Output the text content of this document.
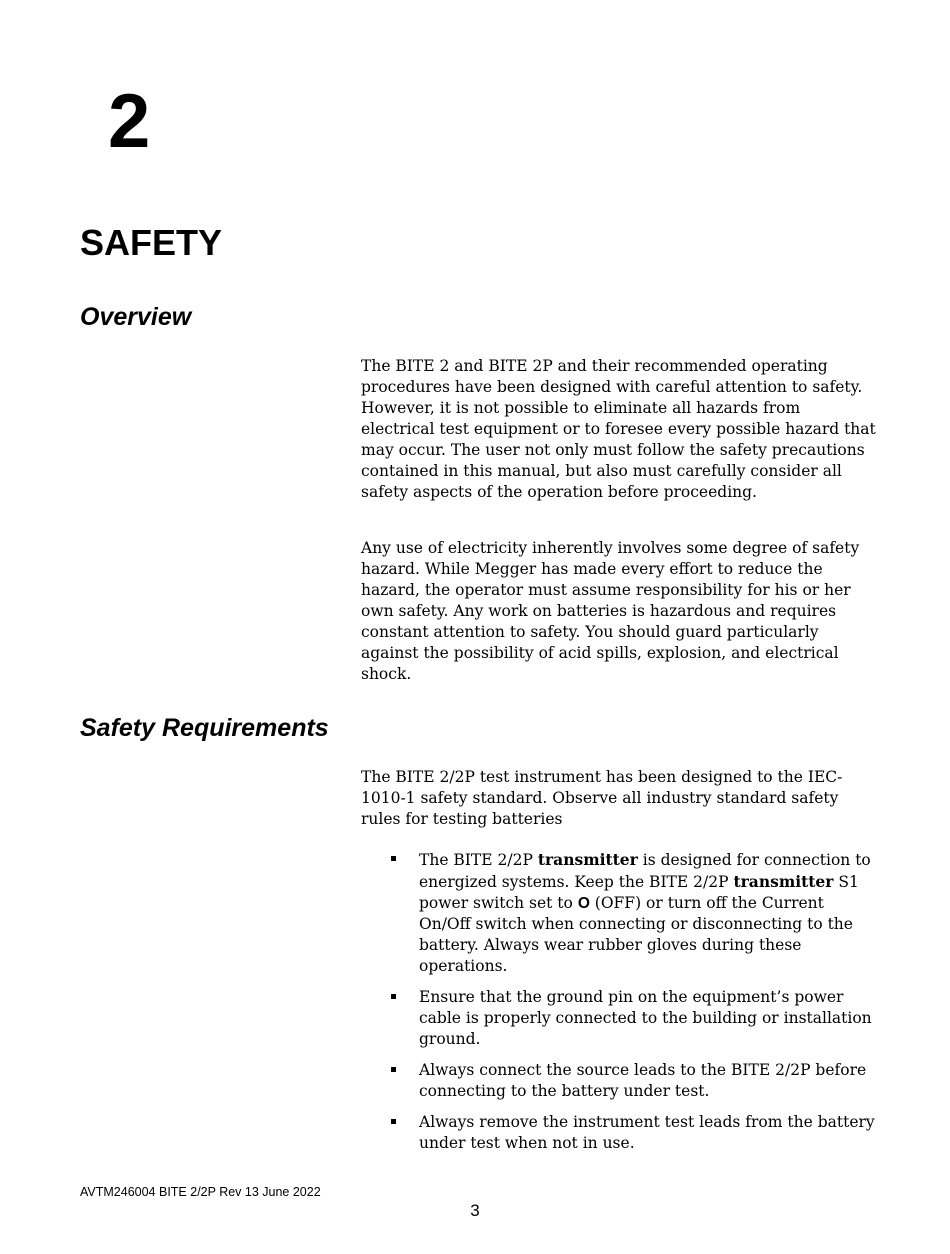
2
SAFETY
Overview

The BITE 2 and BITE 2P and their recommended operating procedures have been designed with careful attention to safety. However, it is not possible to eliminate all hazards from electrical test equipment or to foresee every possible hazard that may occur. The user not only must follow the safety precautions contained in this manual, but also must carefully consider all safety aspects of the operation before proceeding.

Any use of electricity inherently involves some degree of safety hazard. While Megger has made every effort to reduce the hazard, the operator must assume responsibility for his or her own safety. Any work on batteries is hazardous and requires constant attention to safety. You should guard particularly against the possibility of acid spills, explosion, and electrical shock.

Safety Requirements

The BITE 2/2P test instrument has been designed to the IEC-1010-1 safety standard. Observe all industry standard safety rules for testing batteries

The BITE 2/2P transmitter is designed for connection to energized systems. Keep the BITE 2/2P transmitter S1 power switch set to O (OFF) or turn off the Current On/Off switch when connecting or disconnecting to the battery. Always wear rubber gloves during these operations.
Ensure that the ground pin on the equipment’s power cable is properly connected to the building or installation ground.
Always connect the source leads to the BITE 2/2P before connecting to the battery under test.
Always remove the instrument test leads from the battery under test when not in use.
AVTM246004 BITE 2/2P Rev 13 June 2022
3
